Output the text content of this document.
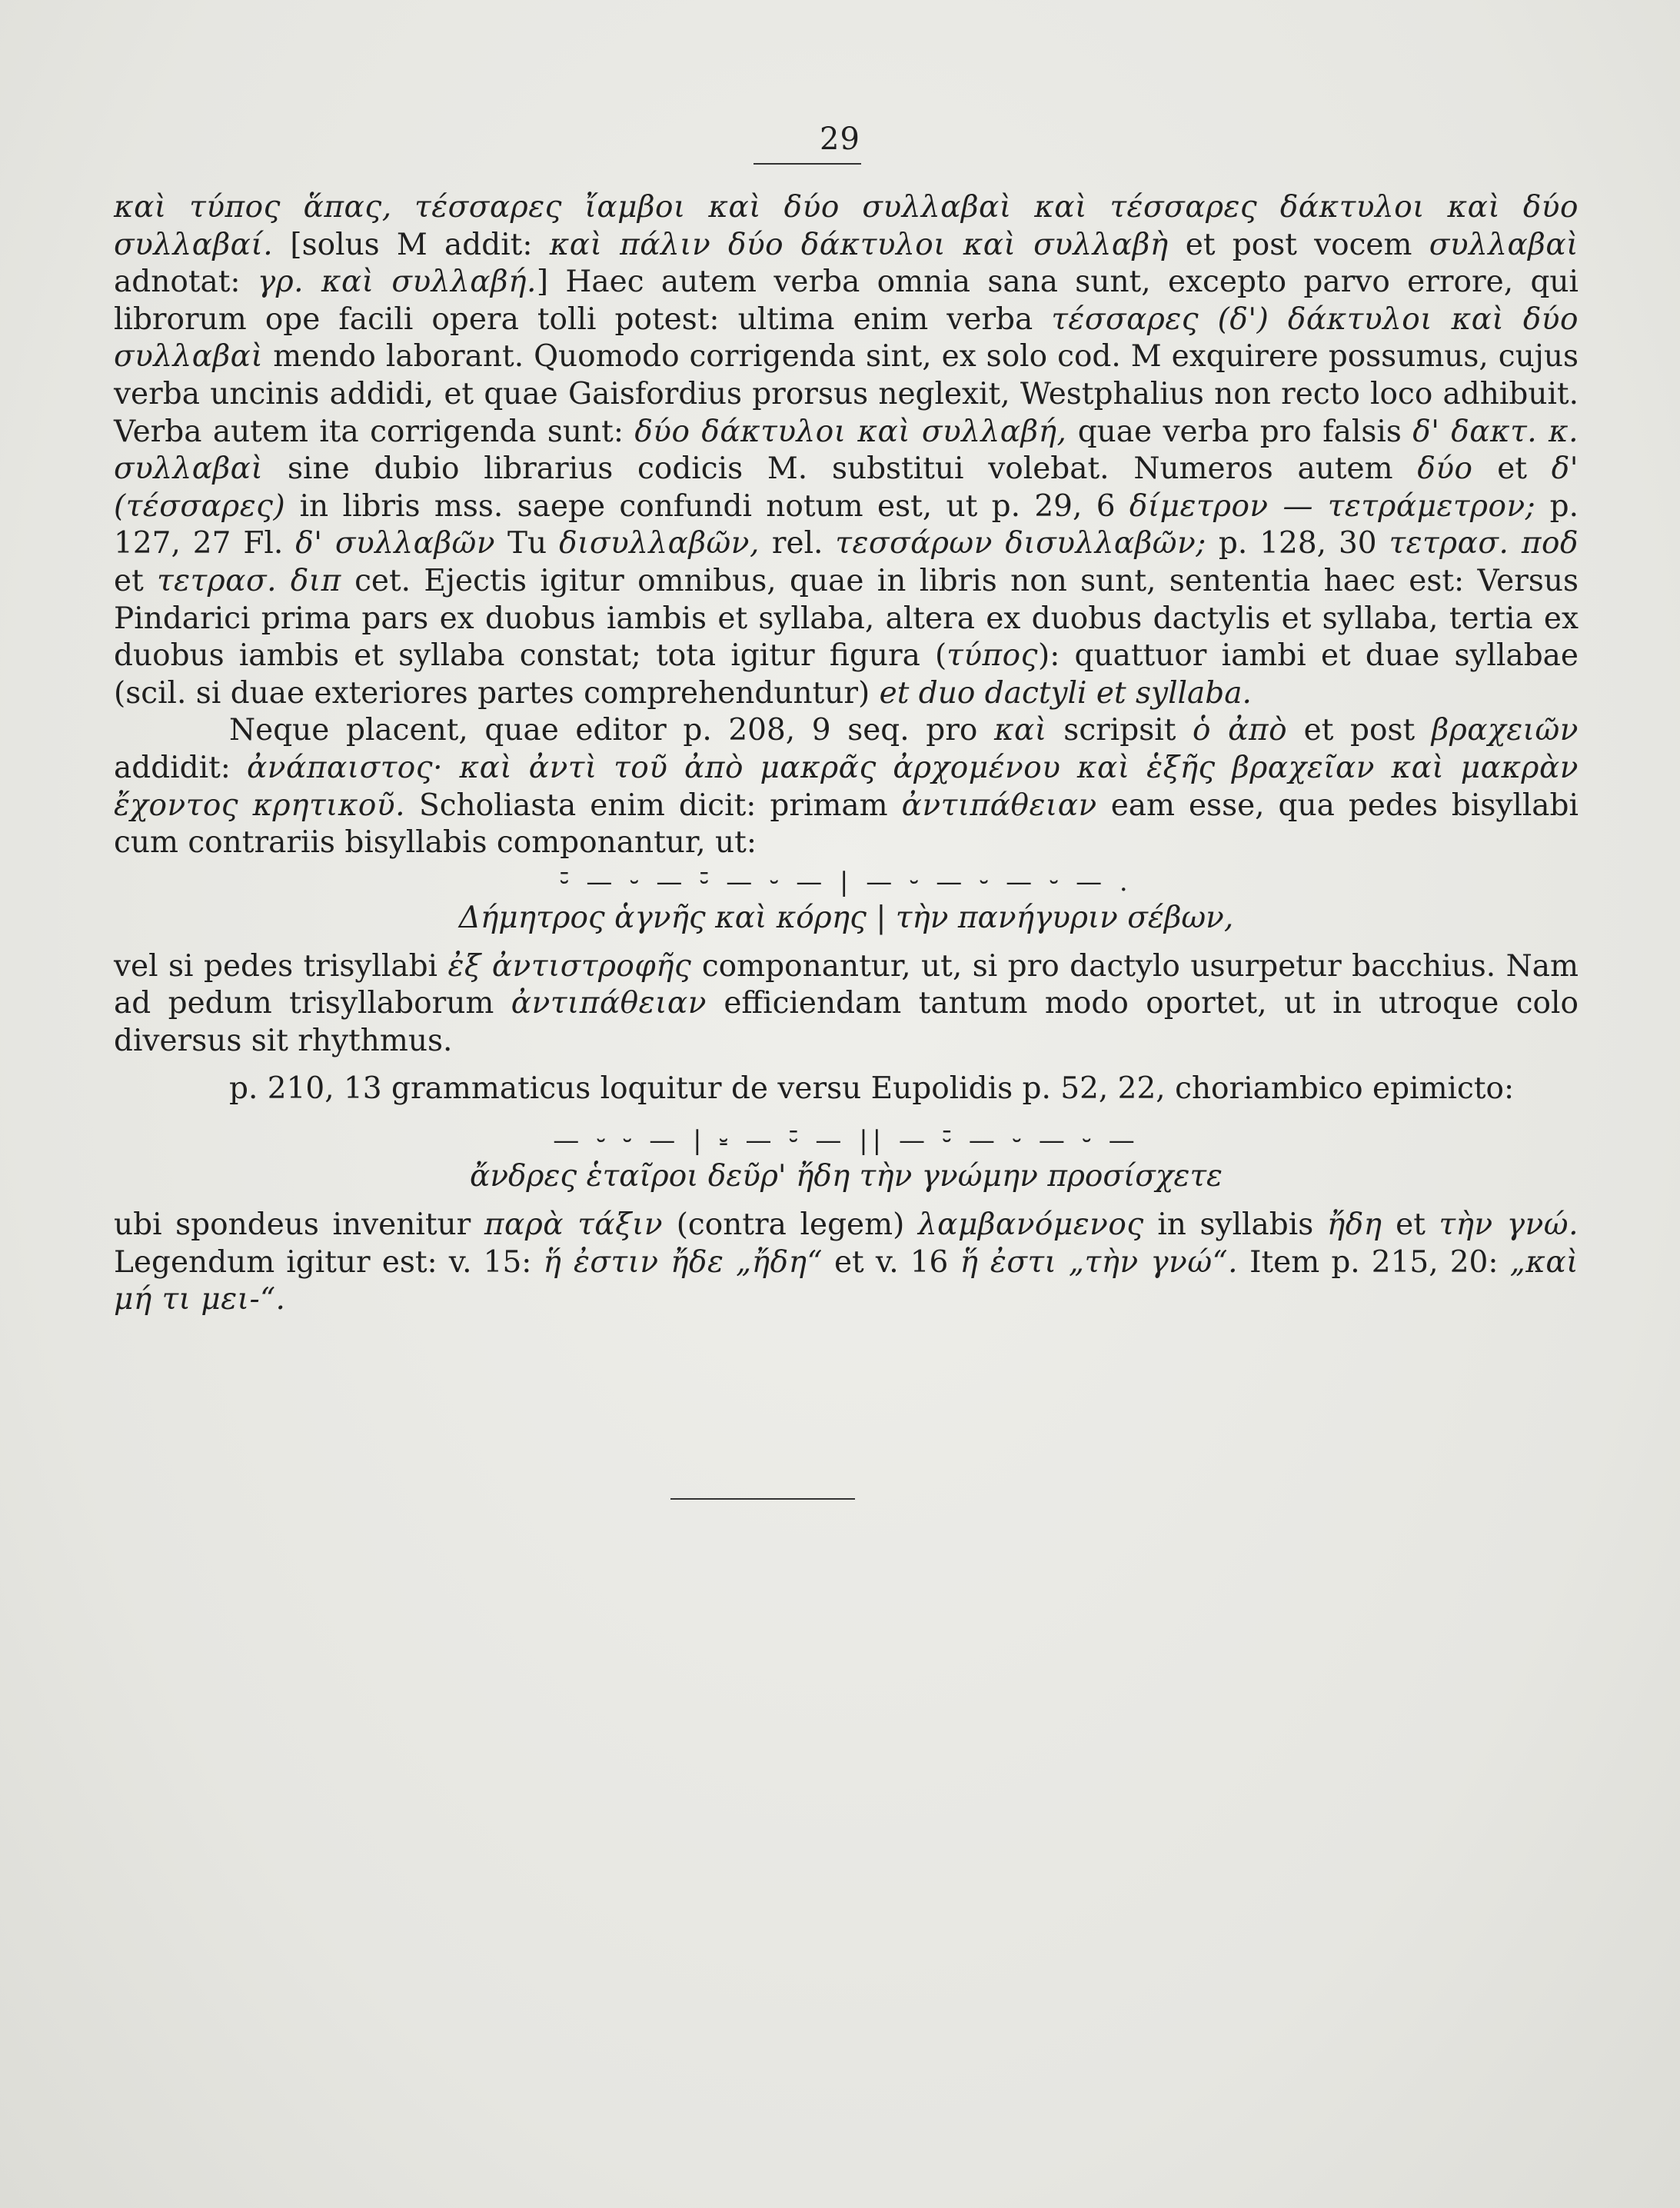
29

καὶ τύπος ἅπας, τέσσαρες ἴαμβοι καὶ δύο συλλαβαὶ καὶ τέσσαρες δάκτυλοι καὶ δύο συλλαβαί. [solus M addit: καὶ πάλιν δύο δάκτυλοι καὶ συλλαβὴ et post vocem συλλαβαὶ adnotat: γρ. καὶ συλλαβή.] Haec autem verba omnia sana sunt, excepto parvo errore, qui librorum ope facili opera tolli potest: ultima enim verba τέσσαρες (δ') δάκτυλοι καὶ δύο συλλαβαὶ mendo laborant. Quomodo corrigenda sint, ex solo cod. M exquirere possumus, cujus verba uncinis addidi, et quae Gaisfordius prorsus neglexit, Westphalius non recto loco adhibuit. Verba autem ita corrigenda sunt: δύο δάκτυλοι καὶ συλλαβή, quae verba pro falsis δ' δακτ. κ. συλλαβαὶ sine dubio librarius codicis M. substitui volebat. Numeros autem δύο et δ' (τέσσαρες) in libris mss. saepe confundi notum est, ut p. 29, 6 δίμετρον — τετράμετρον; p. 127, 27 Fl. δ' συλλαβῶν Tu δισυλλαβῶν, rel. τεσσάρων δισυλλαβῶν; p. 128, 30 τετρασ. ποδ et τετρασ. διπ cet. Ejectis igitur omnibus, quae in libris non sunt, sententia haec est: Versus Pindarici prima pars ex duobus iambis et syllaba, altera ex duobus dactylis et syllaba, tertia ex duobus iambis et syllaba constat; tota igitur figura (τύπος): quattuor iambi et duae syllabae (scil. si duae exteriores partes comprehenduntur) et duo dactyli et syllaba.

Neque placent, quae editor p. 208, 9 seq. pro καὶ scripsit ὁ ἀπὸ et post βραχειῶν addidit: ἀνάπαιστος· καὶ ἀντὶ τοῦ ἀπὸ μακρᾶς ἀρχομένου καὶ ἑξῆς βραχεῖαν καὶ μακρὰν ἔχοντος κρητικοῦ. Scholiasta enim dicit: primam ἀντιπάθειαν eam esse, qua pedes bisyllabi cum contrariis bisyllabis componantur, ut:

⏑̄ — ⏑ — ⏑̄ — ⏑ — | — ⏑ — ⏑ — ⏑ — .
Δήμητρος ἁγνῆς καὶ κόρης | τὴν πανήγυριν σέβων,

vel si pedes trisyllabi ἐξ ἀντιστροφῆς componantur, ut, si pro dactylo usurpetur bacchius. Nam ad pedum trisyllaborum ἀντιπάθειαν efficiendam tantum modo oportet, ut in utroque colo diversus sit rhythmus.

p. 210, 13 grammaticus loquitur de versu Eupolidis p. 52, 22, choriambico epimicto:

— ⏑ ⏑ — | ⏓ — ⏑̄ — || — ⏑̄ — ⏑ — ⏑ —
ἄνδρες ἑταῖροι δεῦρ' ἤδη τὴν γνώμην προσίσχετε

ubi spondeus invenitur παρὰ τάξιν (contra legem) λαμβανόμενος in syllabis ἤδη et τὴν γνώ. Legendum igitur est: v. 15: ἥ ἐστιν ἤδε „ἤδη“ et v. 16 ἥ ἐστι „τὴν γνώ“. Item p. 215, 20: „καὶ μή τι μει-“.
